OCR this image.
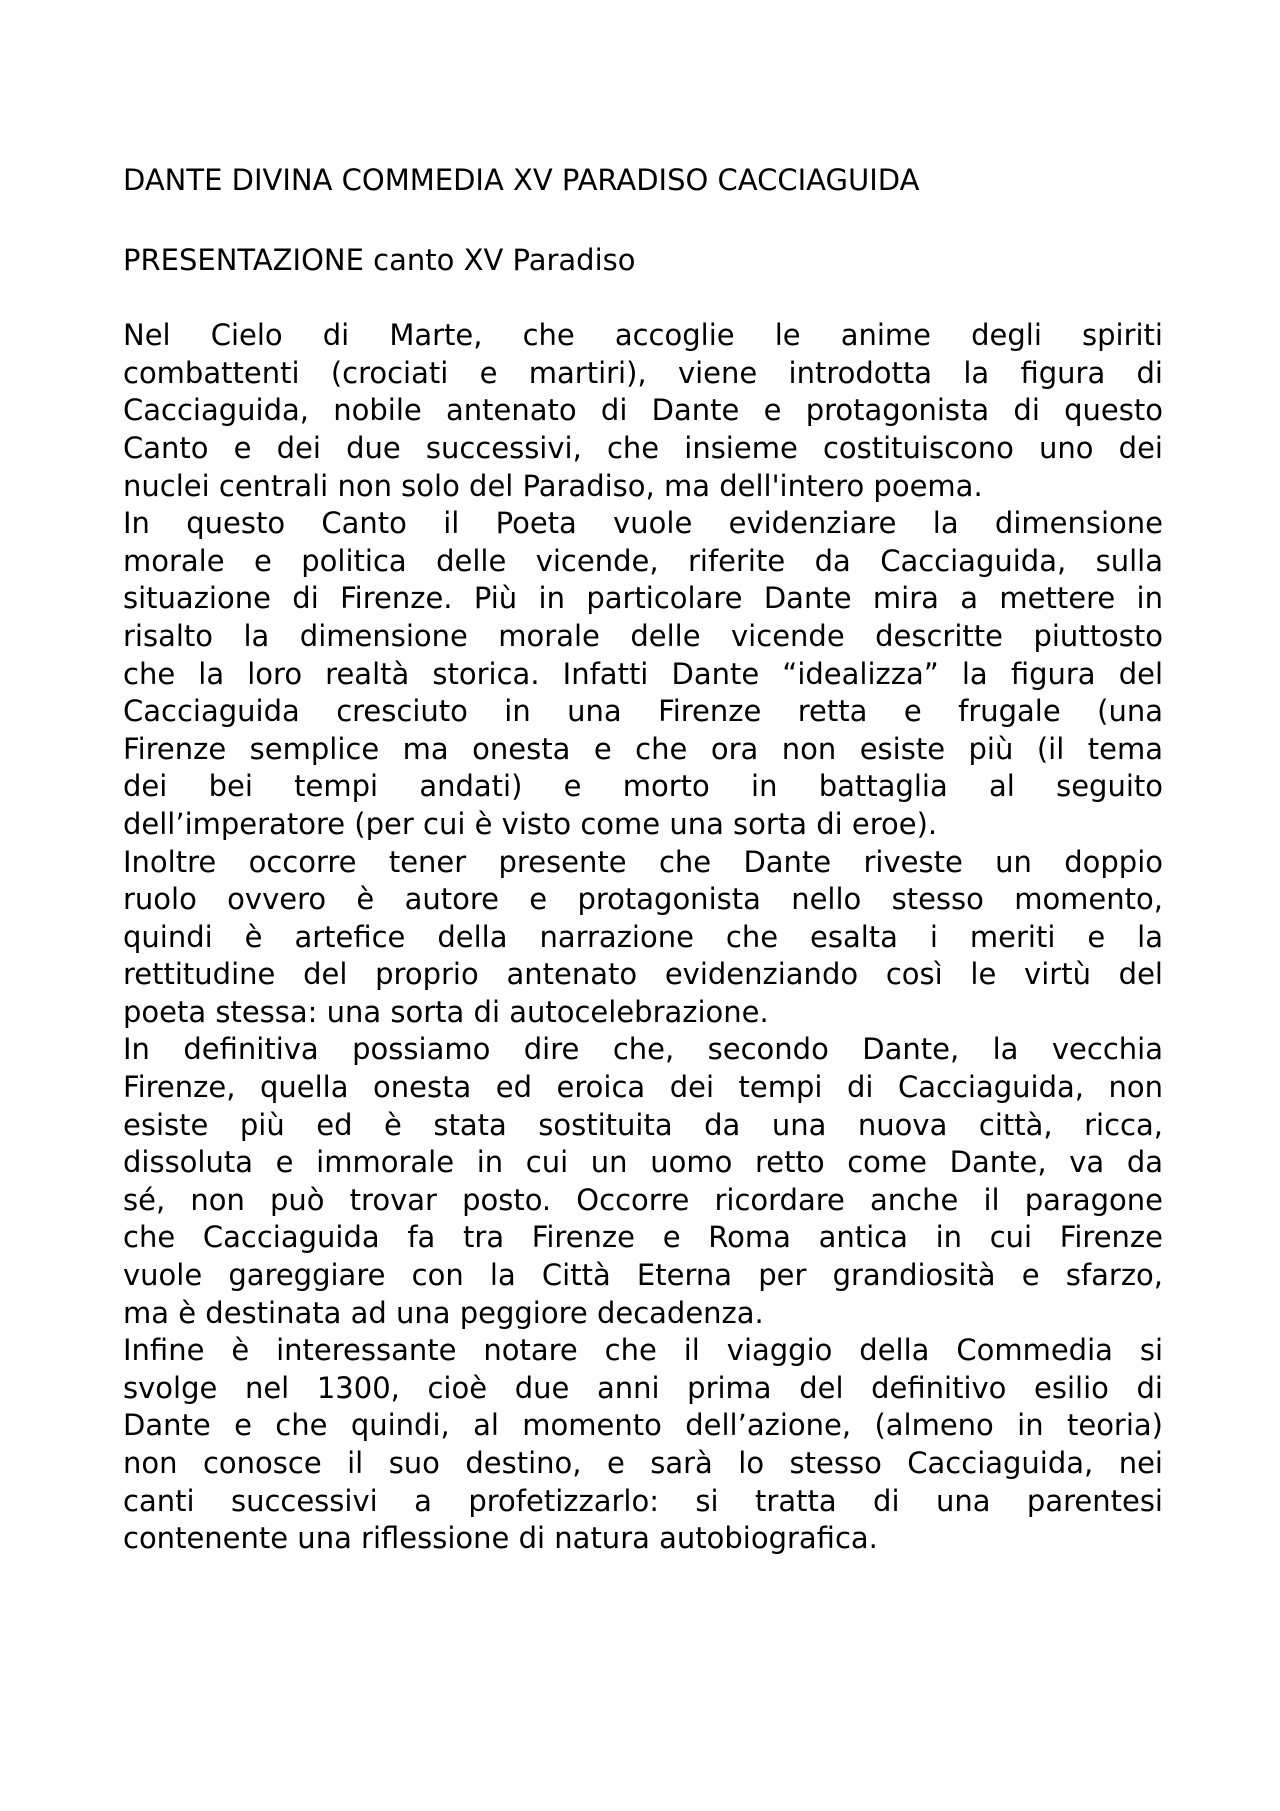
DANTE DIVINA COMMEDIA XV PARADISO CACCIAGUIDA
PRESENTAZIONE canto XV Paradiso

Nel Cielo di Marte, che accoglie le anime degli spiriti
combattenti (crociati e martiri), viene introdotta la figura di
Cacciaguida, nobile antenato di Dante e protagonista di questo
Canto e dei due successivi, che insieme costituiscono uno dei
nuclei centrali non solo del Paradiso, ma dell'intero poema.

In questo Canto il Poeta vuole evidenziare la dimensione
morale e politica delle vicende, riferite da Cacciaguida, sulla
situazione di Firenze. Più in particolare Dante mira a mettere in
risalto la dimensione morale delle vicende descritte piuttosto
che la loro realtà storica. Infatti Dante “idealizza” la figura del
Cacciaguida cresciuto in una Firenze retta e frugale (una
Firenze semplice ma onesta e che ora non esiste più (il tema
dei bei tempi andati) e morto in battaglia al seguito
dell’imperatore (per cui è visto come una sorta di eroe).

Inoltre occorre tener presente che Dante riveste un doppio
ruolo ovvero è autore e protagonista nello stesso momento,
quindi è artefice della narrazione che esalta i meriti e la
rettitudine del proprio antenato evidenziando così le virtù del
poeta stessa: una sorta di autocelebrazione.

In definitiva possiamo dire che, secondo Dante, la vecchia
Firenze, quella onesta ed eroica dei tempi di Cacciaguida, non
esiste più ed è stata sostituita da una nuova città, ricca,
dissoluta e immorale in cui un uomo retto come Dante, va da
sé, non può trovar posto. Occorre ricordare anche il paragone
che Cacciaguida fa tra Firenze e Roma antica in cui Firenze
vuole gareggiare con la Città Eterna per grandiosità e sfarzo,
ma è destinata ad una peggiore decadenza.

Infine è interessante notare che il viaggio della Commedia si
svolge nel 1300, cioè due anni prima del definitivo esilio di
Dante e che quindi, al momento dell’azione, (almeno in teoria)
non conosce il suo destino, e sarà lo stesso Cacciaguida, nei
canti successivi a profetizzarlo: si tratta di una parentesi
contenente una riflessione di natura autobiografica.
